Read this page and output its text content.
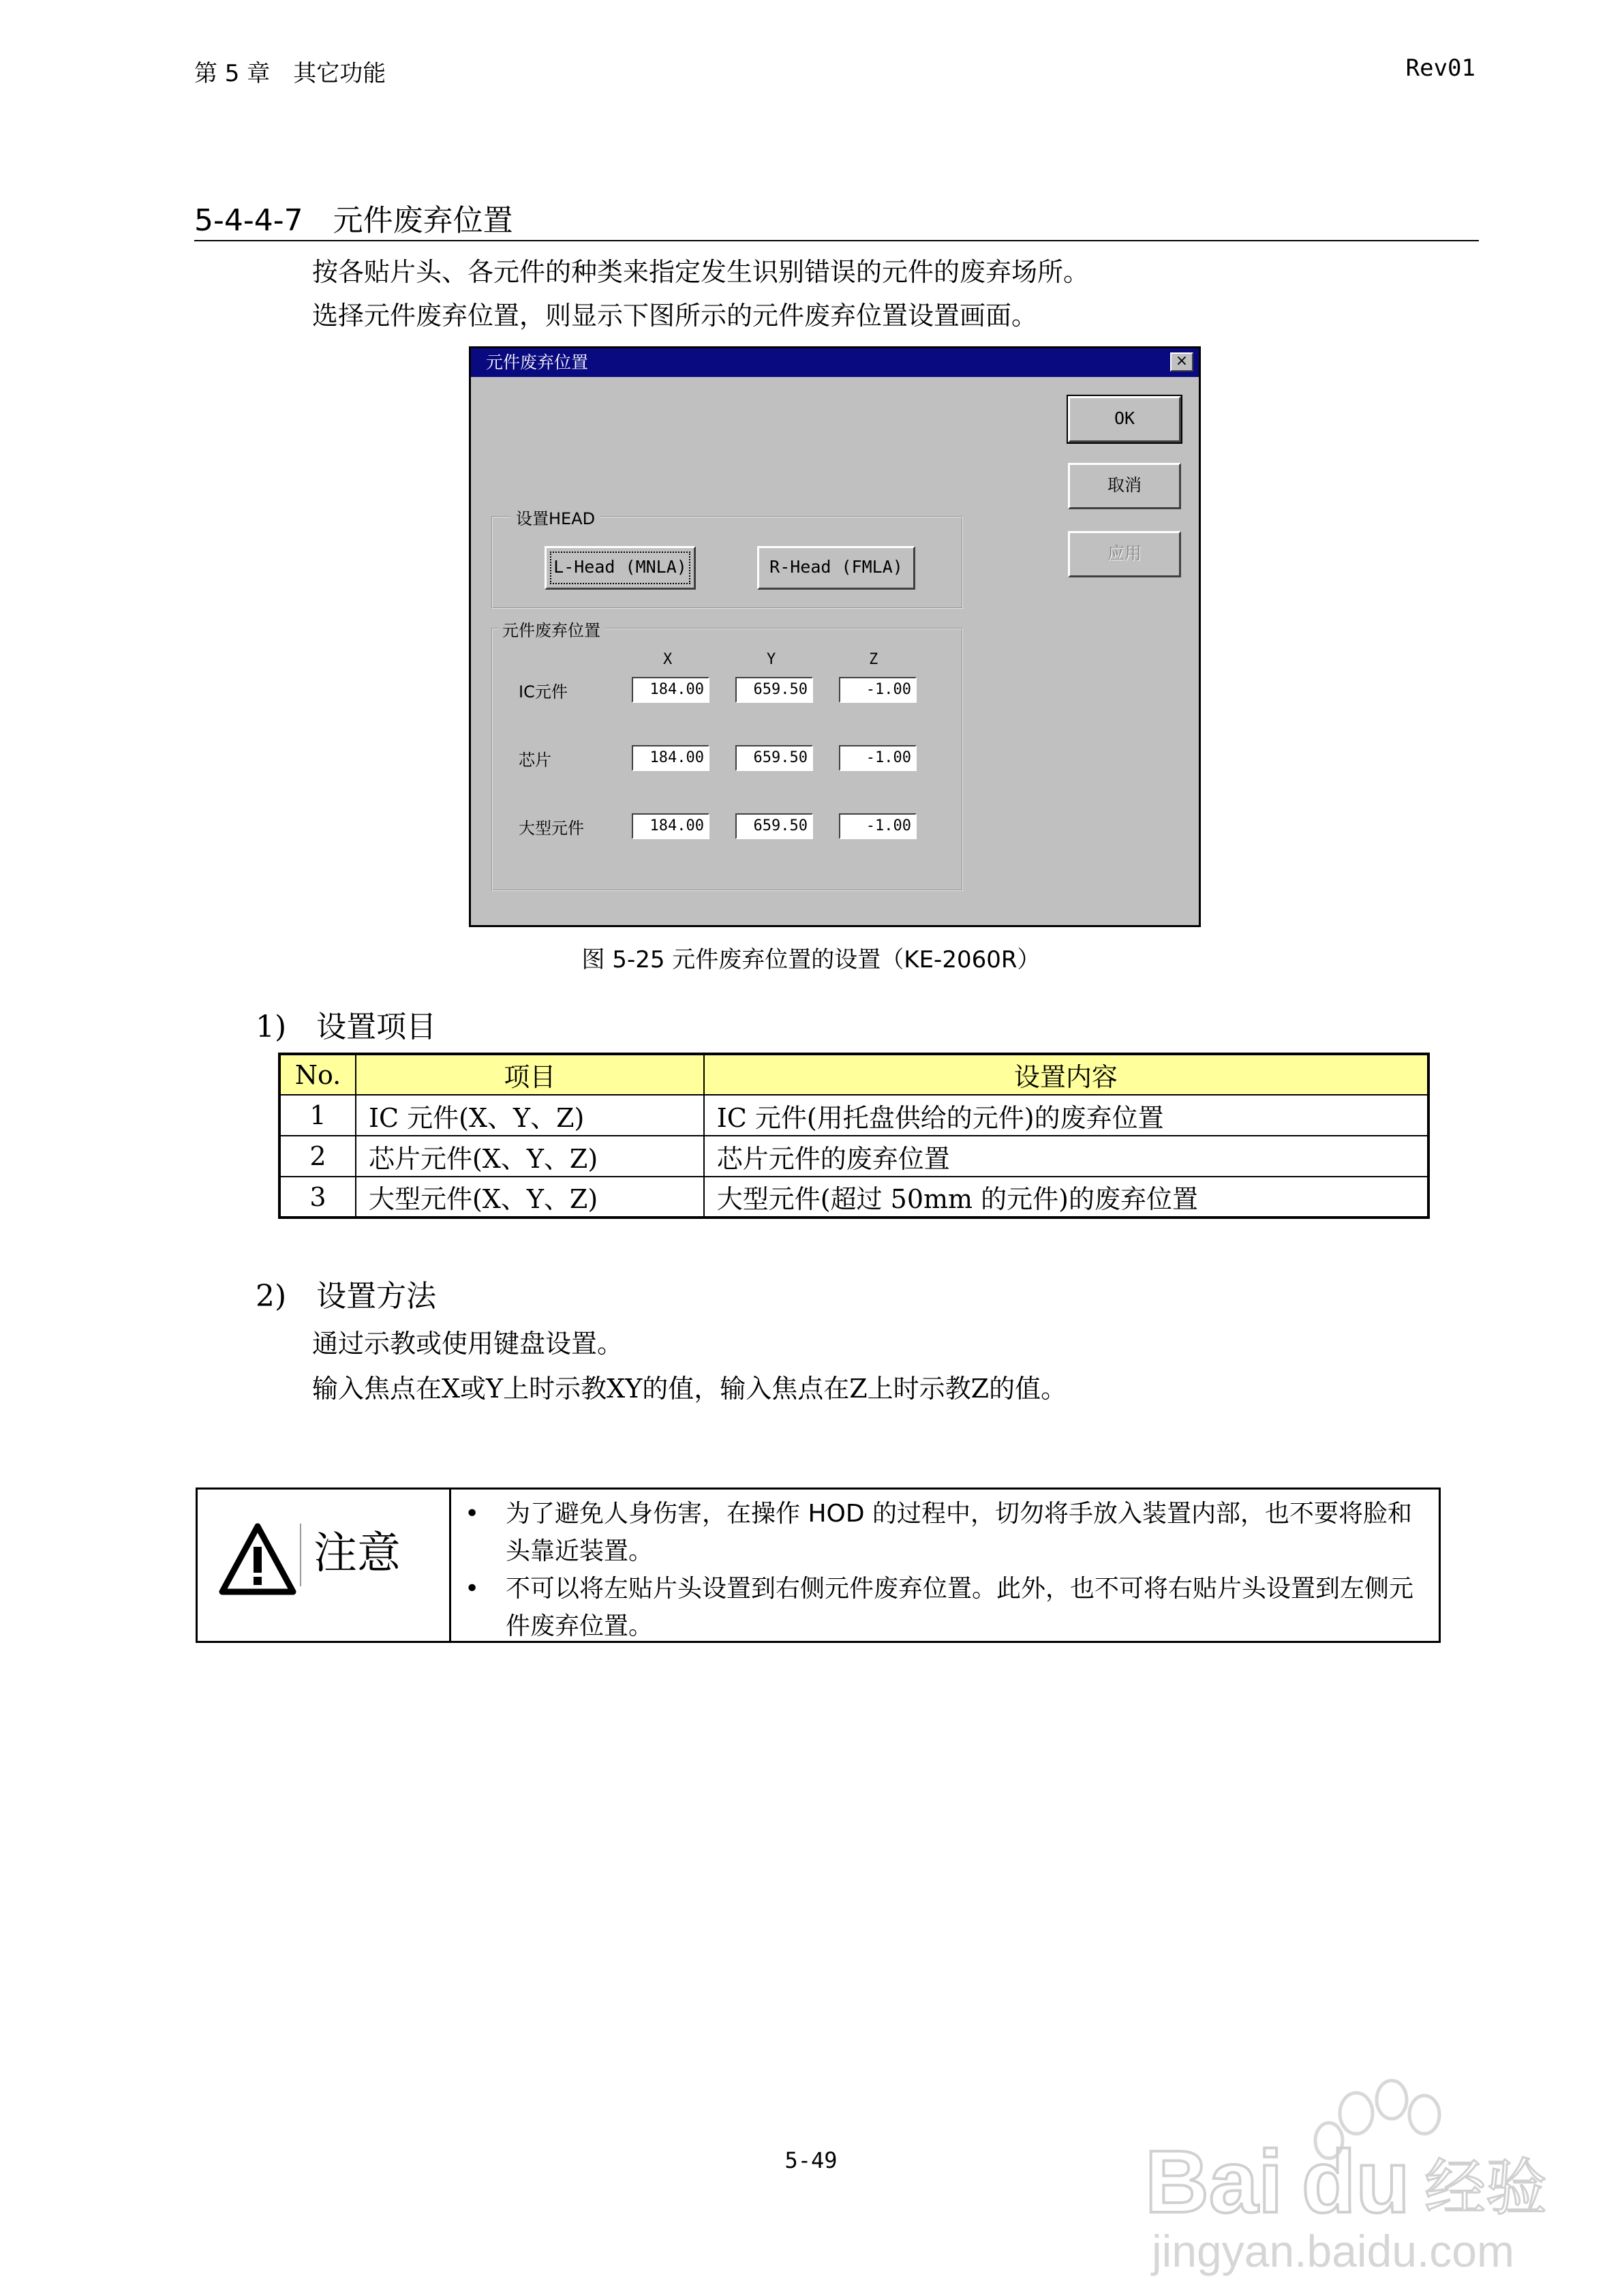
第 5 章　其它功能	Rev01
5-4-4-7　元件废弃位置
按各贴片头、各元件的种类来指定发生识别错误的元件的废弃场所。
选择元件废弃位置，则显示下图所示的元件废弃位置设置画面。
元件废弃位置	×
OK
取消
应用
设置HEAD
L-Head (MNLA)	R-Head (FMLA)
元件废弃位置
X	Y	Z
IC元件	184.00	659.50	-1.00
芯片	184.00	659.50	-1.00
大型元件	184.00	659.50	-1.00
图 5-25 元件废弃位置的设置（KE-2060R）
1)　设置项目
No.	项目	设置内容
1	IC 元件(X、Y、Z)	IC 元件(用托盘供给的元件)的废弃位置
2	芯片元件(X、Y、Z)	芯片元件的废弃位置
3	大型元件(X、Y、Z)	大型元件(超过 50mm 的元件)的废弃位置
2)　设置方法
通过示教或使用键盘设置。
输入焦点在X或Y上时示教XY的值，输入焦点在Z上时示教Z的值。
注意
• 为了避免人身伤害，在操作 HOD 的过程中，切勿将手放入装置内部，也不要将脸和头靠近装置。
• 不可以将左贴片头设置到右侧元件废弃位置。此外，也不可将右贴片头设置到左侧元件废弃位置。
5-49	Bai du 经验
jingyan.baidu.com
